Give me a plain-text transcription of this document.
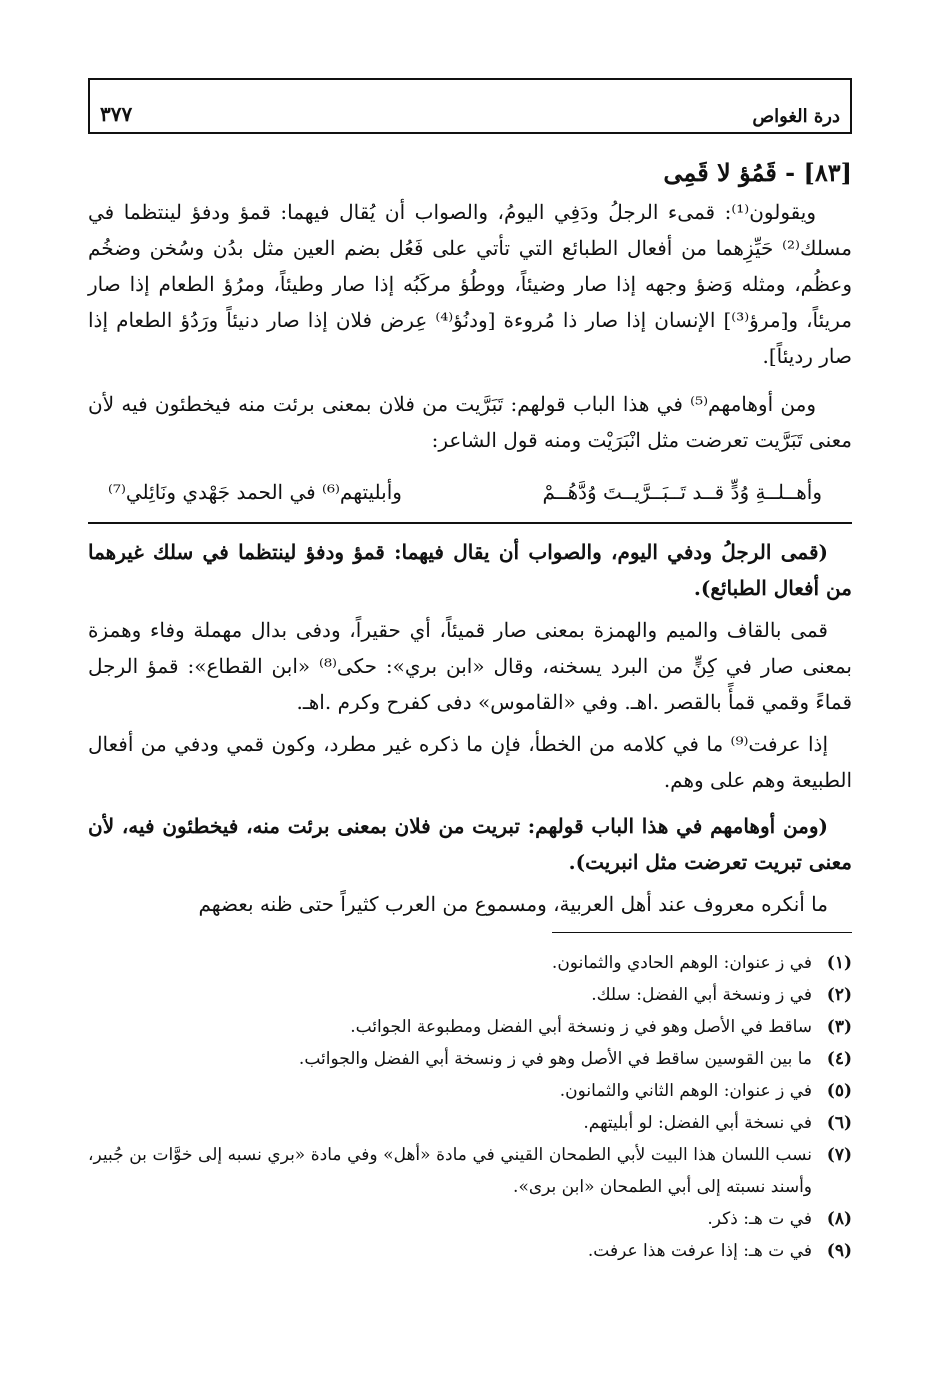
درة الغواص
٣٧٧
[٨٣] - قَمُؤ لا قَمِى

ويقولون⁽¹⁾: قمىء الرجلُ ودَفِي اليومُ، والصواب أن يُقال فيهما: قمؤ ودفؤ لينتظما في مسلك⁽²⁾ حَيِّزِهما من أفعال الطبائع التي تأتي على فَعُل بضم العين مثل بدُن وسُخن وضخُم وعظُم، ومثله وَضؤ وجهه إذا صار وضيئاً، ووطُؤ مركَبُه إذا صار وطيئاً، ومرُؤ الطعام إذا صار مريئاً، و[مرؤ⁽³⁾] الإنسان إذا صار ذا مُروءة [ودنُؤ⁽⁴⁾ عِرض فلان إذا صار دنيئاً ورَدُؤ الطعام إذا صار رديئاً].

ومن أوهامهم⁽⁵⁾ في هذا الباب قولهم: تَبَرَّيت من فلان بمعنى برئت منه فيخطئون فيه لأن معنى تَبَرَّيت تعرضت مثل انْبَرَيْت ومنه قول الشاعر:

وأهــلــةِ وُدٍّ قــد تَــبَــرَّيــتَ وُدَّهُــمْ
وأبليتهم⁽⁶⁾ في الحمد جَهْدي ونَائِلي⁽⁷⁾

(قمى الرجلُ ودفي اليوم، والصواب أن يقال فيهما: قمؤ ودفؤ لينتظما في سلك غيرهما من أفعال الطبائع).

قمى بالقاف والميم والهمزة بمعنى صار قميئاً، أي حقيراً، ودفى بدال مهملة وفاء وهمزة بمعنى صار في كِنٍّ من البرد يسخنه، وقال «ابن بري»: حكى⁽⁸⁾ «ابن القطاع»: قمؤ الرجل قماءً وقمي قمأً بالقصر .اهـ. وفي «القاموس» دفى كفرح وكرم .اهـ.

إذا عرفت⁽⁹⁾ ما في كلامه من الخطأ، فإن ما ذكره غير مطرد، وكون قمي ودفي من أفعال الطبيعة وهم على وهم.

(ومن أوهامهم في هذا الباب قولهم: تبريت من فلان بمعنى برئت منه، فيخطئون فيه، لأن معنى تبريت تعرضت مثل انبريت).

ما أنكره معروف عند أهل العربية، ومسموع من العرب كثيراً حتى ظنه بعضهم

(١)
في ز عنوان: الوهم الحادي والثمانون.
(٢)
في ز ونسخة أبي الفضل: سلك.
(٣)
ساقط في الأصل وهو في ز ونسخة أبي الفضل ومطبوعة الجوائب.
(٤)
ما بين القوسين ساقط في الأصل وهو في ز ونسخة أبي الفضل والجوائب.
(٥)
في ز عنوان: الوهم الثاني والثمانون.
(٦)
في نسخة أبي الفضل: لو أبليتهم.
(٧)
نسب اللسان هذا البيت لأبي الطمحان القيني في مادة «أهل» وفي مادة «بري نسبه إلى خوَّات بن جُبير، وأسند نسبته إلى أبي الطمحان «ابن برى».
(٨)
في ت هـ: ذكر.
(٩)
في ت هـ: إذا عرفت هذا عرفت.
